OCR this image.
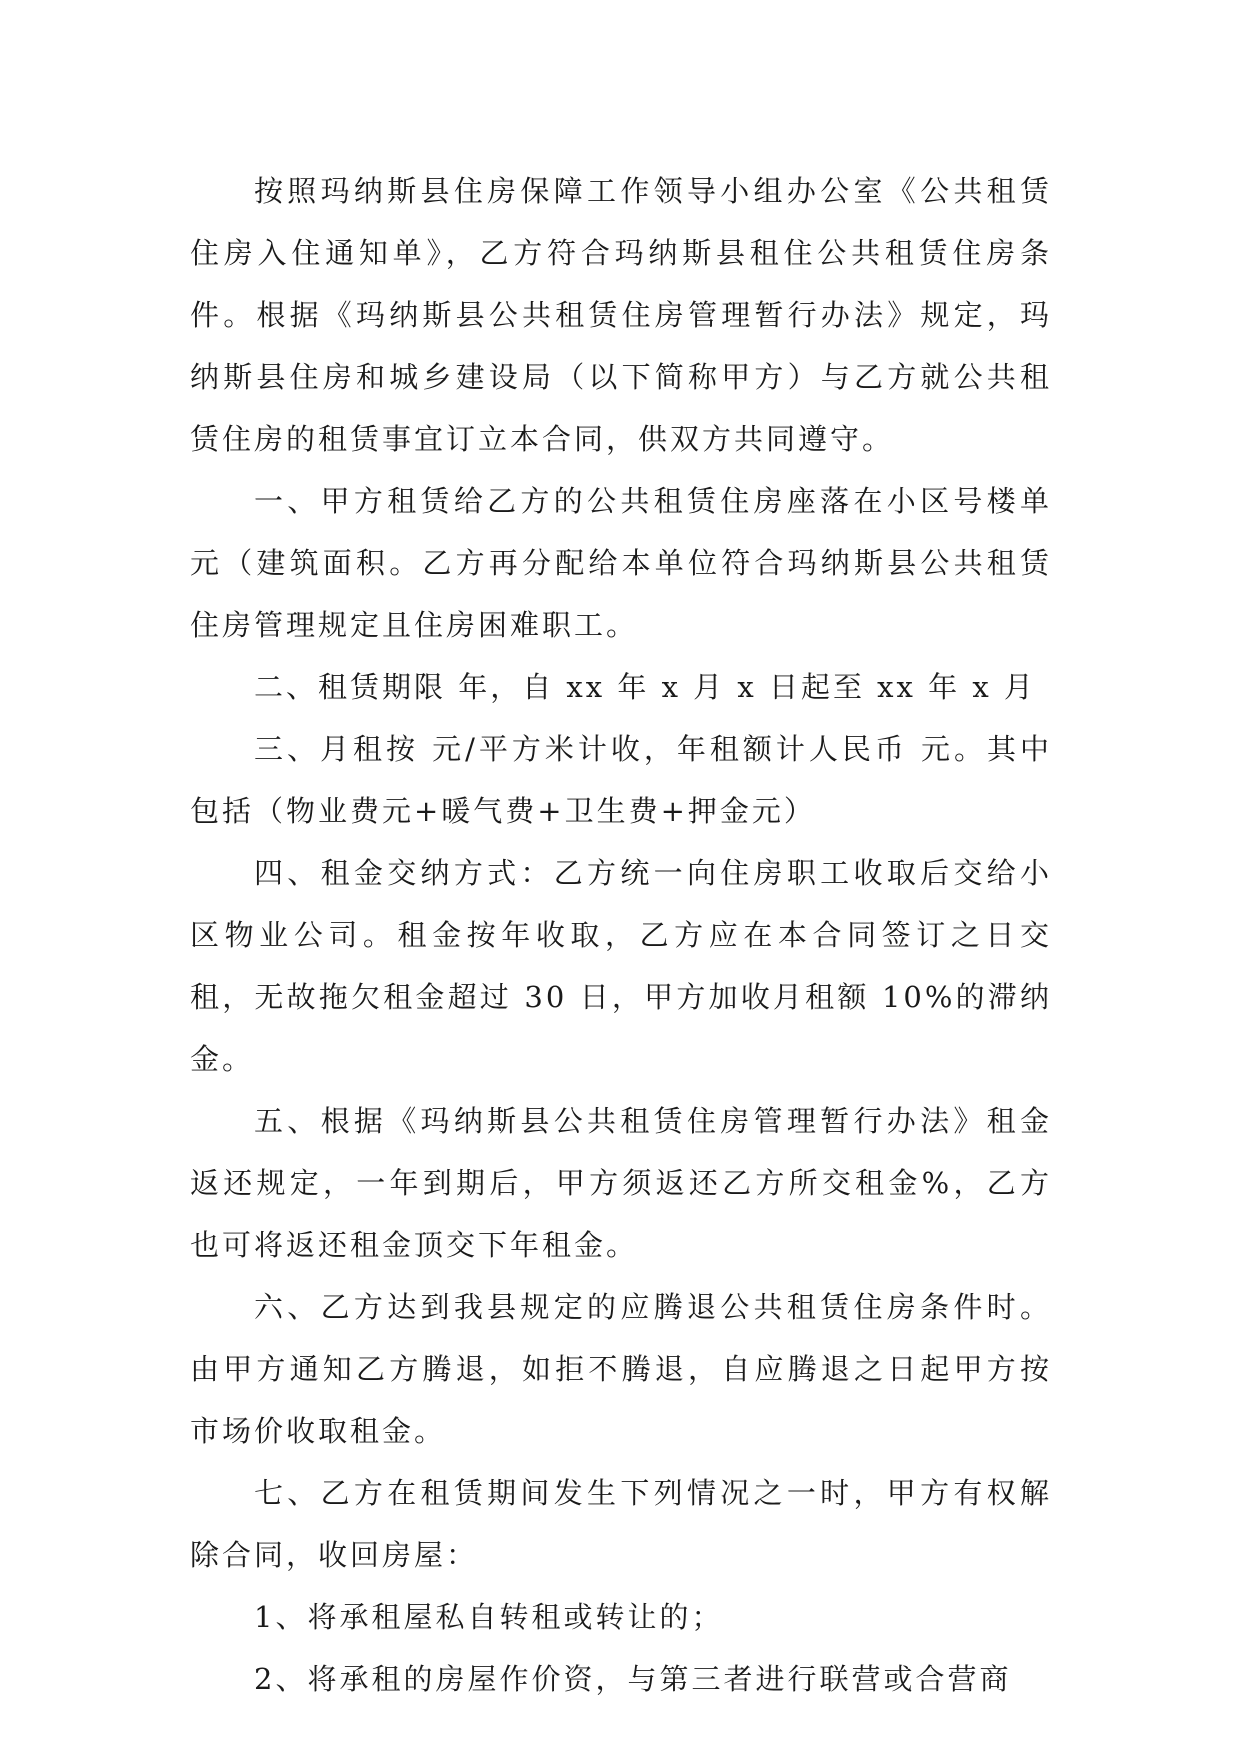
按照玛纳斯县住房保障工作领导小组办公室《公共租赁住房入住通知单》，乙方符合玛纳斯县租住公共租赁住房条件。根据《玛纳斯县公共租赁住房管理暂行办法》规定，玛纳斯县住房和城乡建设局（以下简称甲方）与乙方就公共租赁住房的租赁事宜订立本合同，供双方共同遵守。

一、甲方租赁给乙方的公共租赁住房座落在小区号楼单元（建筑面积。乙方再分配给本单位符合玛纳斯县公共租赁住房管理规定且住房困难职工。

二、租赁期限 年，自 xx 年 x 月 x 日起至 xx 年 x 月

三、月租按 元/平方米计收，年租额计人民币 元。其中包括（物业费元+暖气费+卫生费+押金元）

四、租金交纳方式：乙方统一向住房职工收取后交给小区物业公司。租金按年收取，乙方应在本合同签订之日交租，无故拖欠租金超过 30 日，甲方加收月租额 10%的滞纳金。

五、根据《玛纳斯县公共租赁住房管理暂行办法》租金返还规定，一年到期后，甲方须返还乙方所交租金%，乙方也可将返还租金顶交下年租金。

六、乙方达到我县规定的应腾退公共租赁住房条件时。由甲方通知乙方腾退，如拒不腾退，自应腾退之日起甲方按市场价收取租金。

七、乙方在租赁期间发生下列情况之一时，甲方有权解除合同，收回房屋：

1、将承租屋私自转租或转让的；

2、将承租的房屋作价资，与第三者进行联营或合营商
